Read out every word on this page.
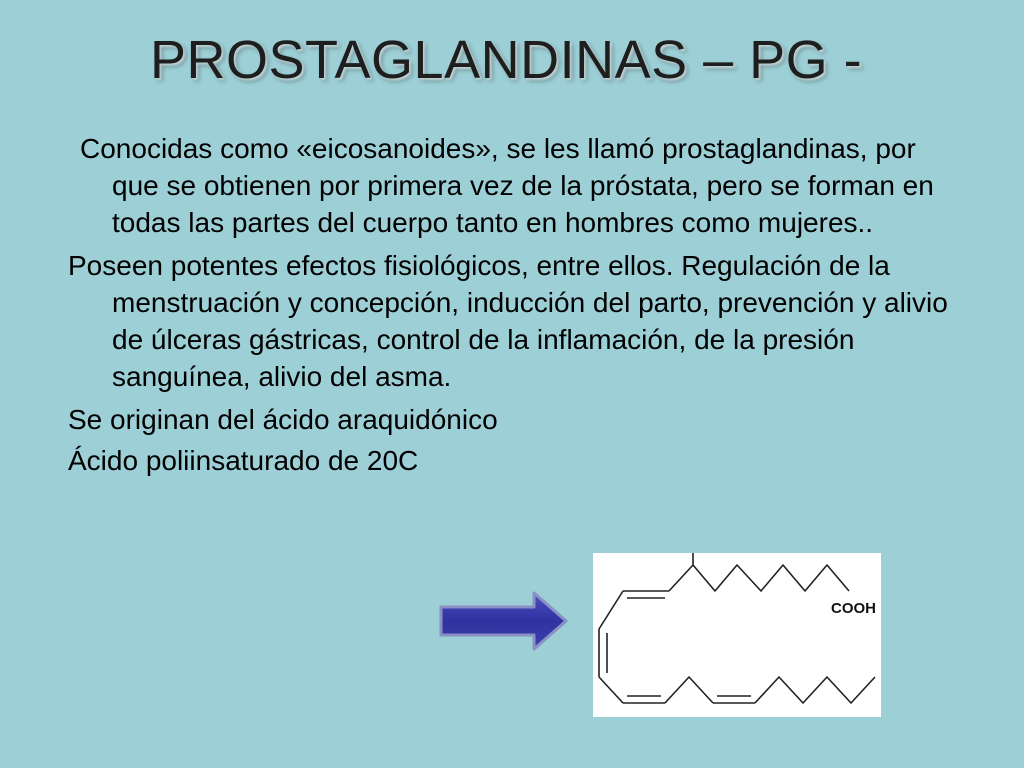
PROSTAGLANDINAS – PG -

Conocidas como «eicosanoides», se les llamó prostaglandinas, por que se obtienen por primera vez de la próstata, pero se forman en todas las partes del cuerpo tanto en hombres como mujeres..

Poseen potentes efectos fisiológicos, entre ellos. Regulación de la menstruación y concepción, inducción del parto, prevención y alivio de úlceras gástricas, control de la inflamación, de la presión sanguínea, alivio del asma.

Se originan del ácido araquidónico

Ácido poliinsaturado de 20C

COOH
